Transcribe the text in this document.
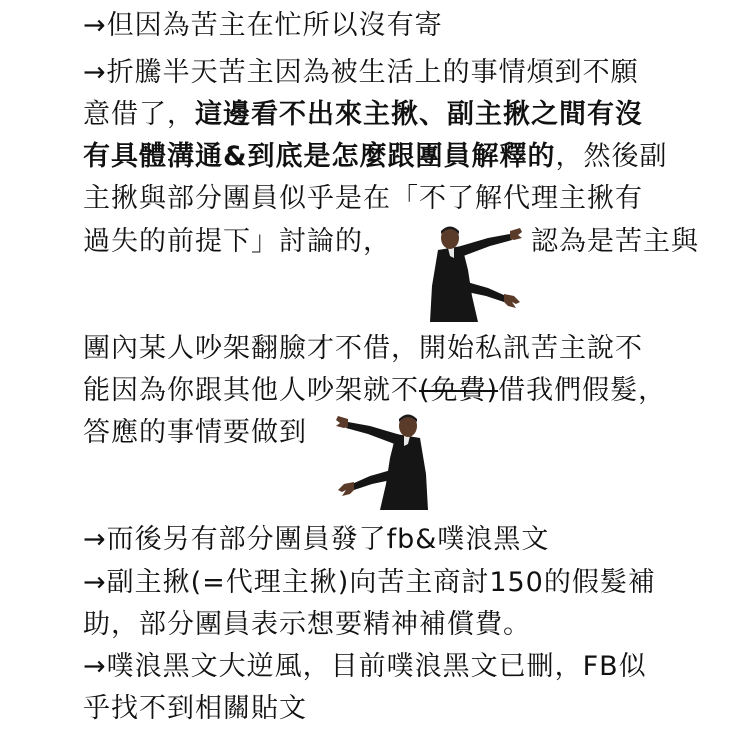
→但因為苦主在忙所以沒有寄
→折騰半天苦主因為被生活上的事情煩到不願
意借了，這邊看不出來主揪、副主揪之間有沒
有具體溝通&到底是怎麼跟團員解釋的，然後副
主揪與部分團員似乎是在「不了解代理主揪有
過失的前提下」討論的，	認為是苦主與
團內某人吵架翻臉才不借，開始私訊苦主說不
能因為你跟其他人吵架就不(免費)借我們假髮，
答應的事情要做到
→而後另有部分團員發了fb&噗浪黑文
→副主揪(=代理主揪)向苦主商討150的假髮補
助，部分團員表示想要精神補償費。
→噗浪黑文大逆風，目前噗浪黑文已刪，FB似
乎找不到相關貼文
